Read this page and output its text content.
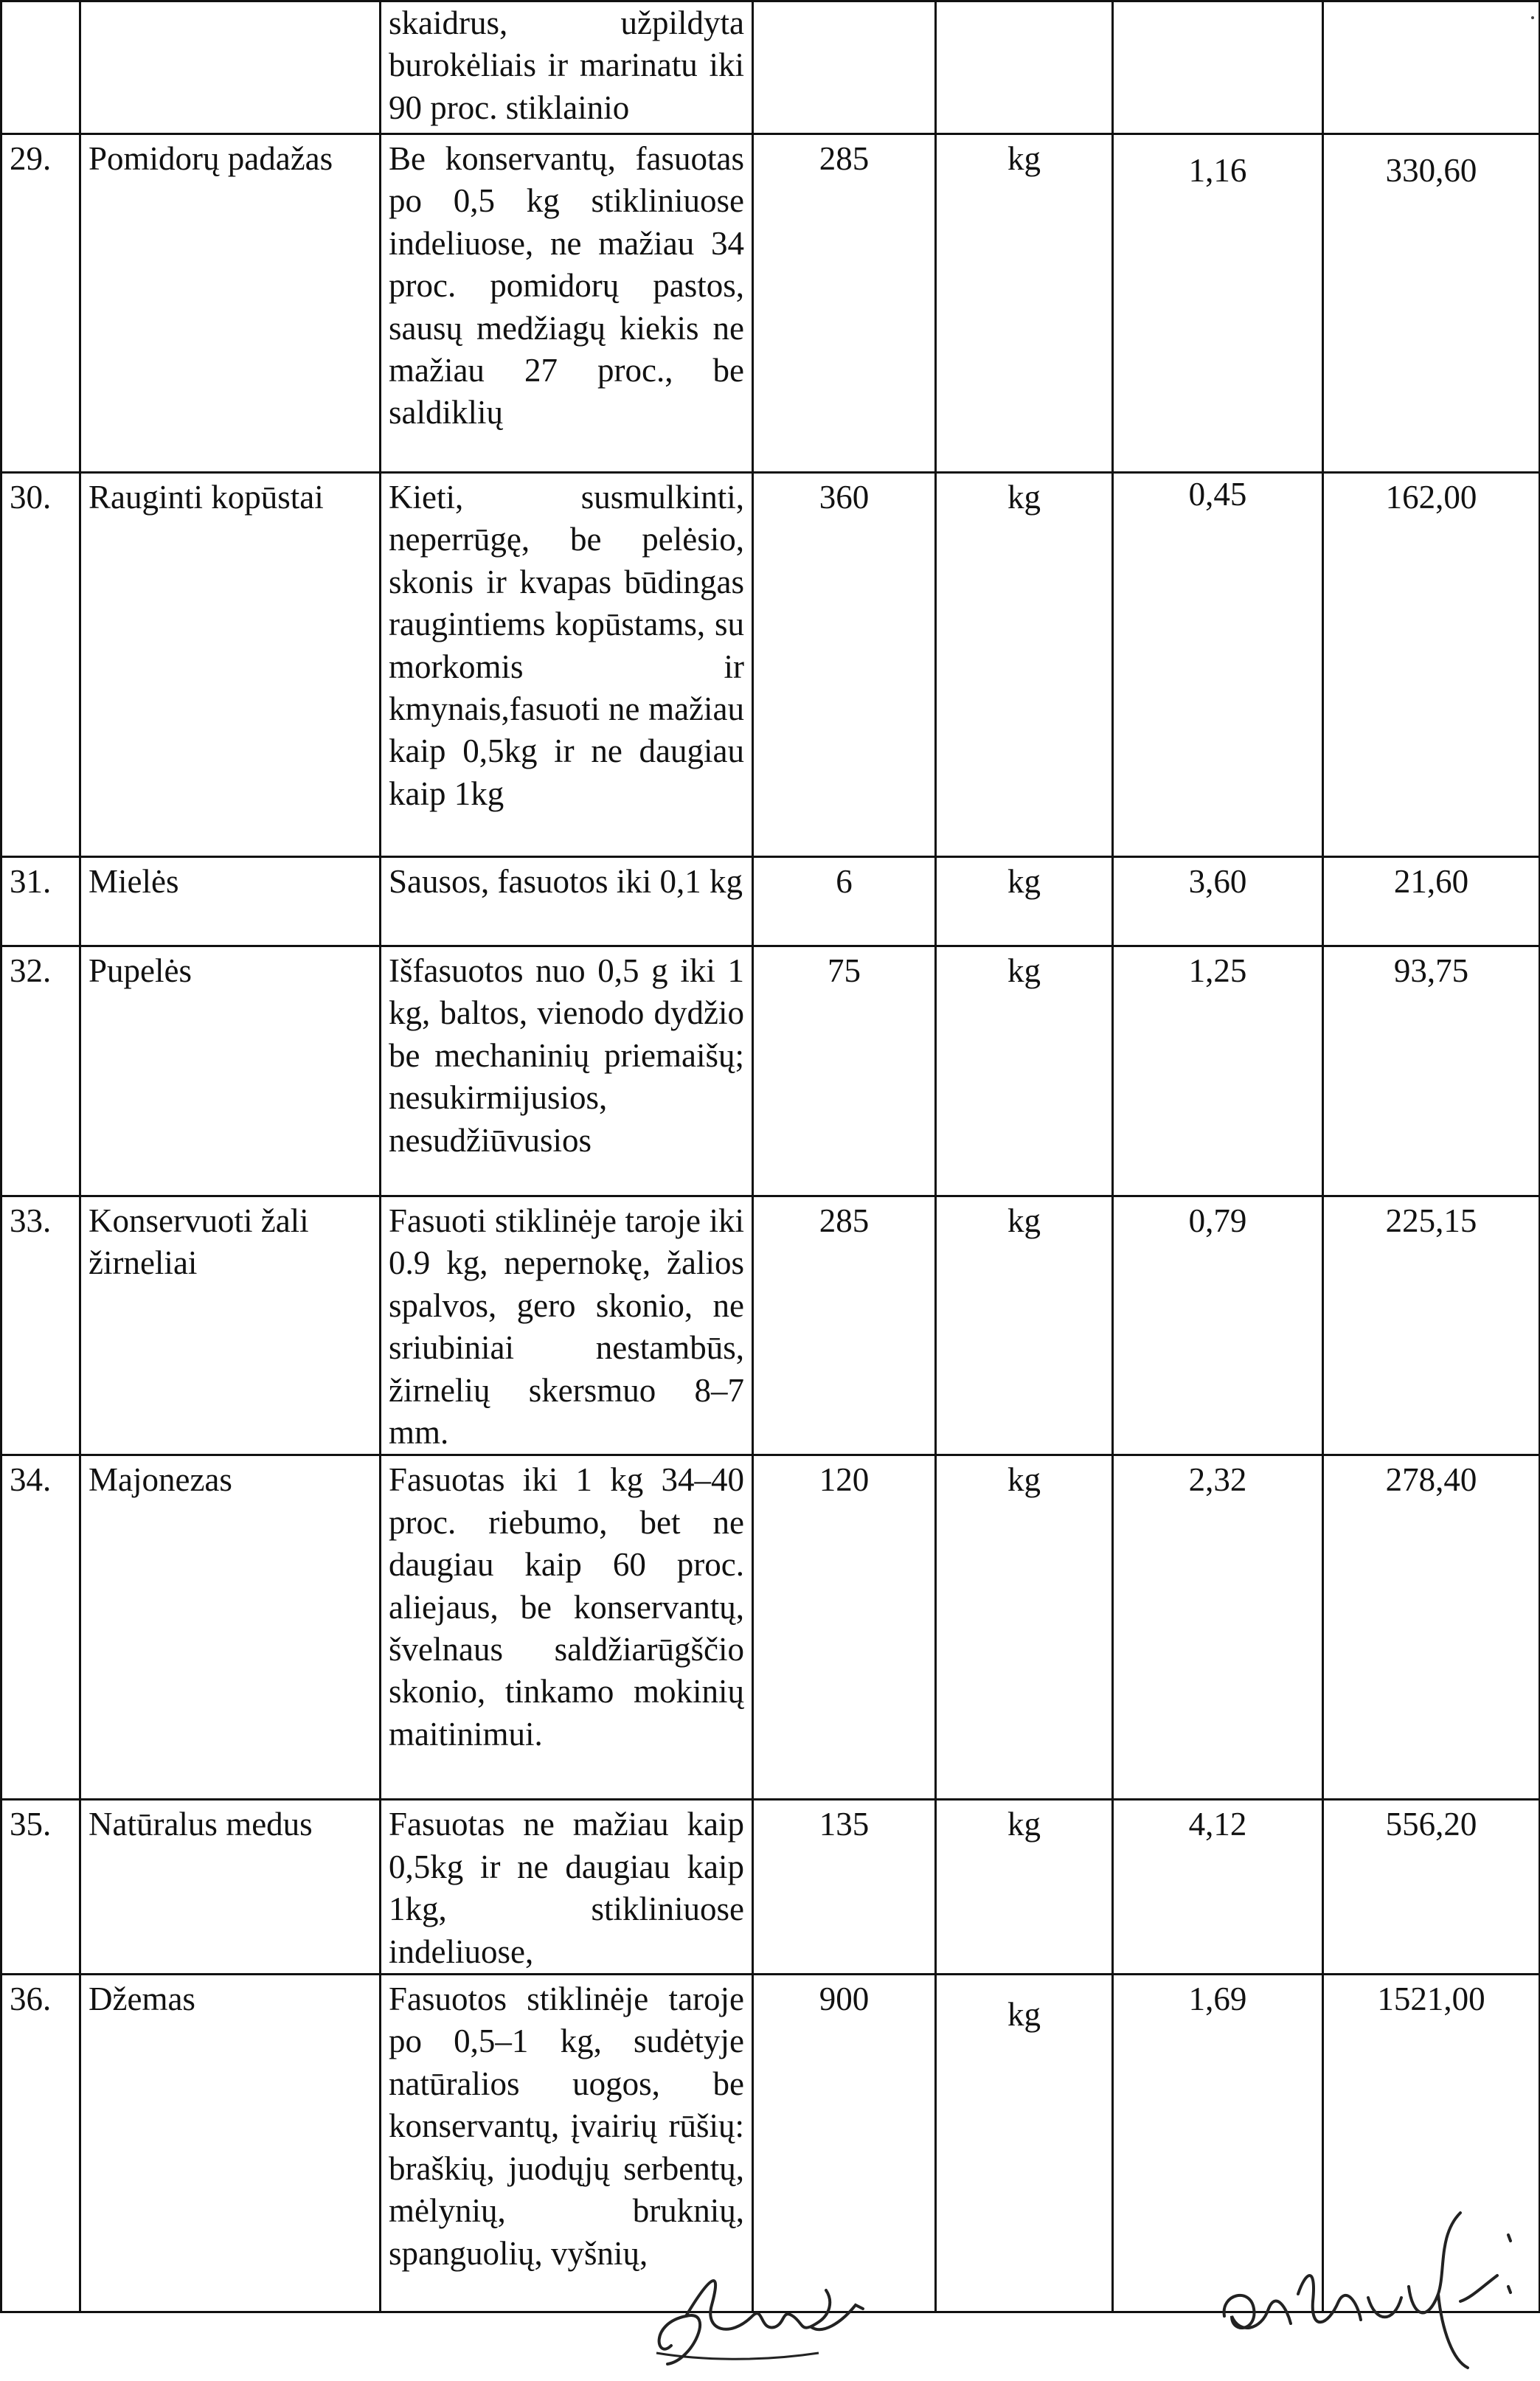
		skaidrus, užpildyta burokėliais ir marinatu iki 90 proc. stiklainio				
29.	Pomidorų padažas	Be konservantų, fasuotas po 0,5 kg stikliniuose indeliuose, ne mažiau 34 proc. pomidorų pastos, sausų medžiagų kiekis ne mažiau 27 proc., be saldiklių	285	kg	1,16	330,60
30.	Rauginti kopūstai	Kieti, susmulkinti, neperrūgę, be pelėsio, skonis ir kvapas būdingas raugintiems kopūstams, su morkomis ir kmynais,fasuoti ne mažiau kaip 0,5kg ir ne daugiau kaip 1kg	360	kg	0,45	162,00
31.	Mielės	Sausos, fasuotos iki 0,1 kg	6	kg	3,60	21,60
32.	Pupelės	Išfasuotos nuo 0,5 g iki 1 kg, baltos, vienodo dydžio be mechaninių priemaišų; nesukirmijusios, nesudžiūvusios	75	kg	1,25	93,75
33.	Konservuoti žali žirneliai	Fasuoti stiklinėje taroje iki 0.9 kg, nepernokę, žalios spalvos, gero skonio, ne sriubiniai nestambūs, žirnelių skersmuo 8–7 mm.	285	kg	0,79	225,15
34.	Majonezas	Fasuotas iki 1 kg 34–40 proc. riebumo, bet ne daugiau kaip 60 proc. aliejaus, be konservantų, švelnaus saldžiarūgščio skonio, tinkamo mokinių maitinimui.	120	kg	2,32	278,40
35.	Natūralus medus	Fasuotas ne mažiau kaip 0,5kg ir ne daugiau kaip 1kg, stikliniuose indeliuose,	135	kg	4,12	556,20
36.	Džemas	Fasuotos stiklinėje taroje po 0,5–1 kg, sudėtyje natūralios uogos, be konservantų, įvairių rūšių: braškių, juodųjų serbentų, mėlynių, bruknių, spanguolių, vyšnių,	900	kg	1,69	1521,00
